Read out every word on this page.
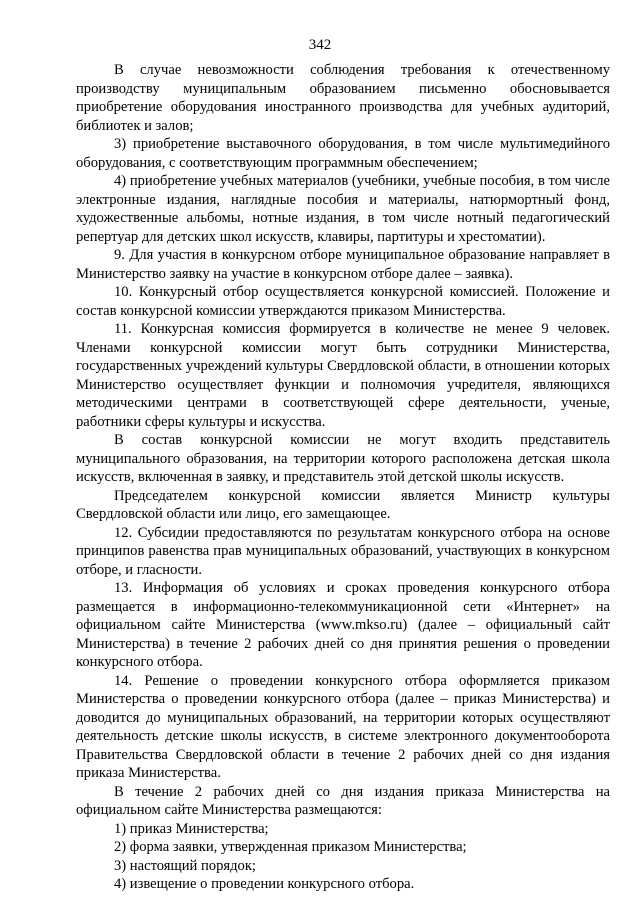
342

В случае невозможности соблюдения требования к отечественному производству муниципальным образованием письменно обосновывается приобретение оборудования иностранного производства для учебных аудиторий, библиотек и залов;

3) приобретение выставочного оборудования, в том числе мультимедийного оборудования, с соответствующим программным обеспечением;

4) приобретение учебных материалов (учебники, учебные пособия, в том числе электронные издания, наглядные пособия и материалы, натюрмортный фонд, художественные альбомы, нотные издания, в том числе нотный педагогический репертуар для детских школ искусств, клавиры, партитуры и хрестоматии).

9. Для участия в конкурсном отборе муниципальное образование направляет в Министерство заявку на участие в конкурсном отборе далее – заявка).

10. Конкурсный отбор осуществляется конкурсной комиссией. Положение и состав конкурсной комиссии утверждаются приказом Министерства.

11. Конкурсная комиссия формируется в количестве не менее 9 человек. Членами конкурсной комиссии могут быть сотрудники Министерства, государственных учреждений культуры Свердловской области, в отношении которых Министерство осуществляет функции и полномочия учредителя, являющихся методическими центрами в соответствующей сфере деятельности, ученые, работники сферы культуры и искусства.

В состав конкурсной комиссии не могут входить представитель муниципального образования, на территории которого расположена детская школа искусств, включенная в заявку, и представитель этой детской школы искусств.

Председателем конкурсной комиссии является Министр культуры Свердловской области или лицо, его замещающее.

12. Субсидии предоставляются по результатам конкурсного отбора на основе принципов равенства прав муниципальных образований, участвующих в конкурсном отборе, и гласности.

13. Информация об условиях и сроках проведения конкурсного отбора размещается в информационно-телекоммуникационной сети «Интернет» на официальном сайте Министерства (www.mkso.ru) (далее – официальный сайт Министерства) в течение 2 рабочих дней со дня принятия решения о проведении конкурсного отбора.

14. Решение о проведении конкурсного отбора оформляется приказом Министерства о проведении конкурсного отбора (далее – приказ Министерства) и доводится до муниципальных образований, на территории которых осуществляют деятельность детские школы искусств, в системе электронного документооборота Правительства Свердловской области в течение 2 рабочих дней со дня издания приказа Министерства.

В течение 2 рабочих дней со дня издания приказа Министерства на официальном сайте Министерства размещаются:

1) приказ Министерства;

2) форма заявки, утвержденная приказом Министерства;

3) настоящий порядок;

4) извещение о проведении конкурсного отбора.
